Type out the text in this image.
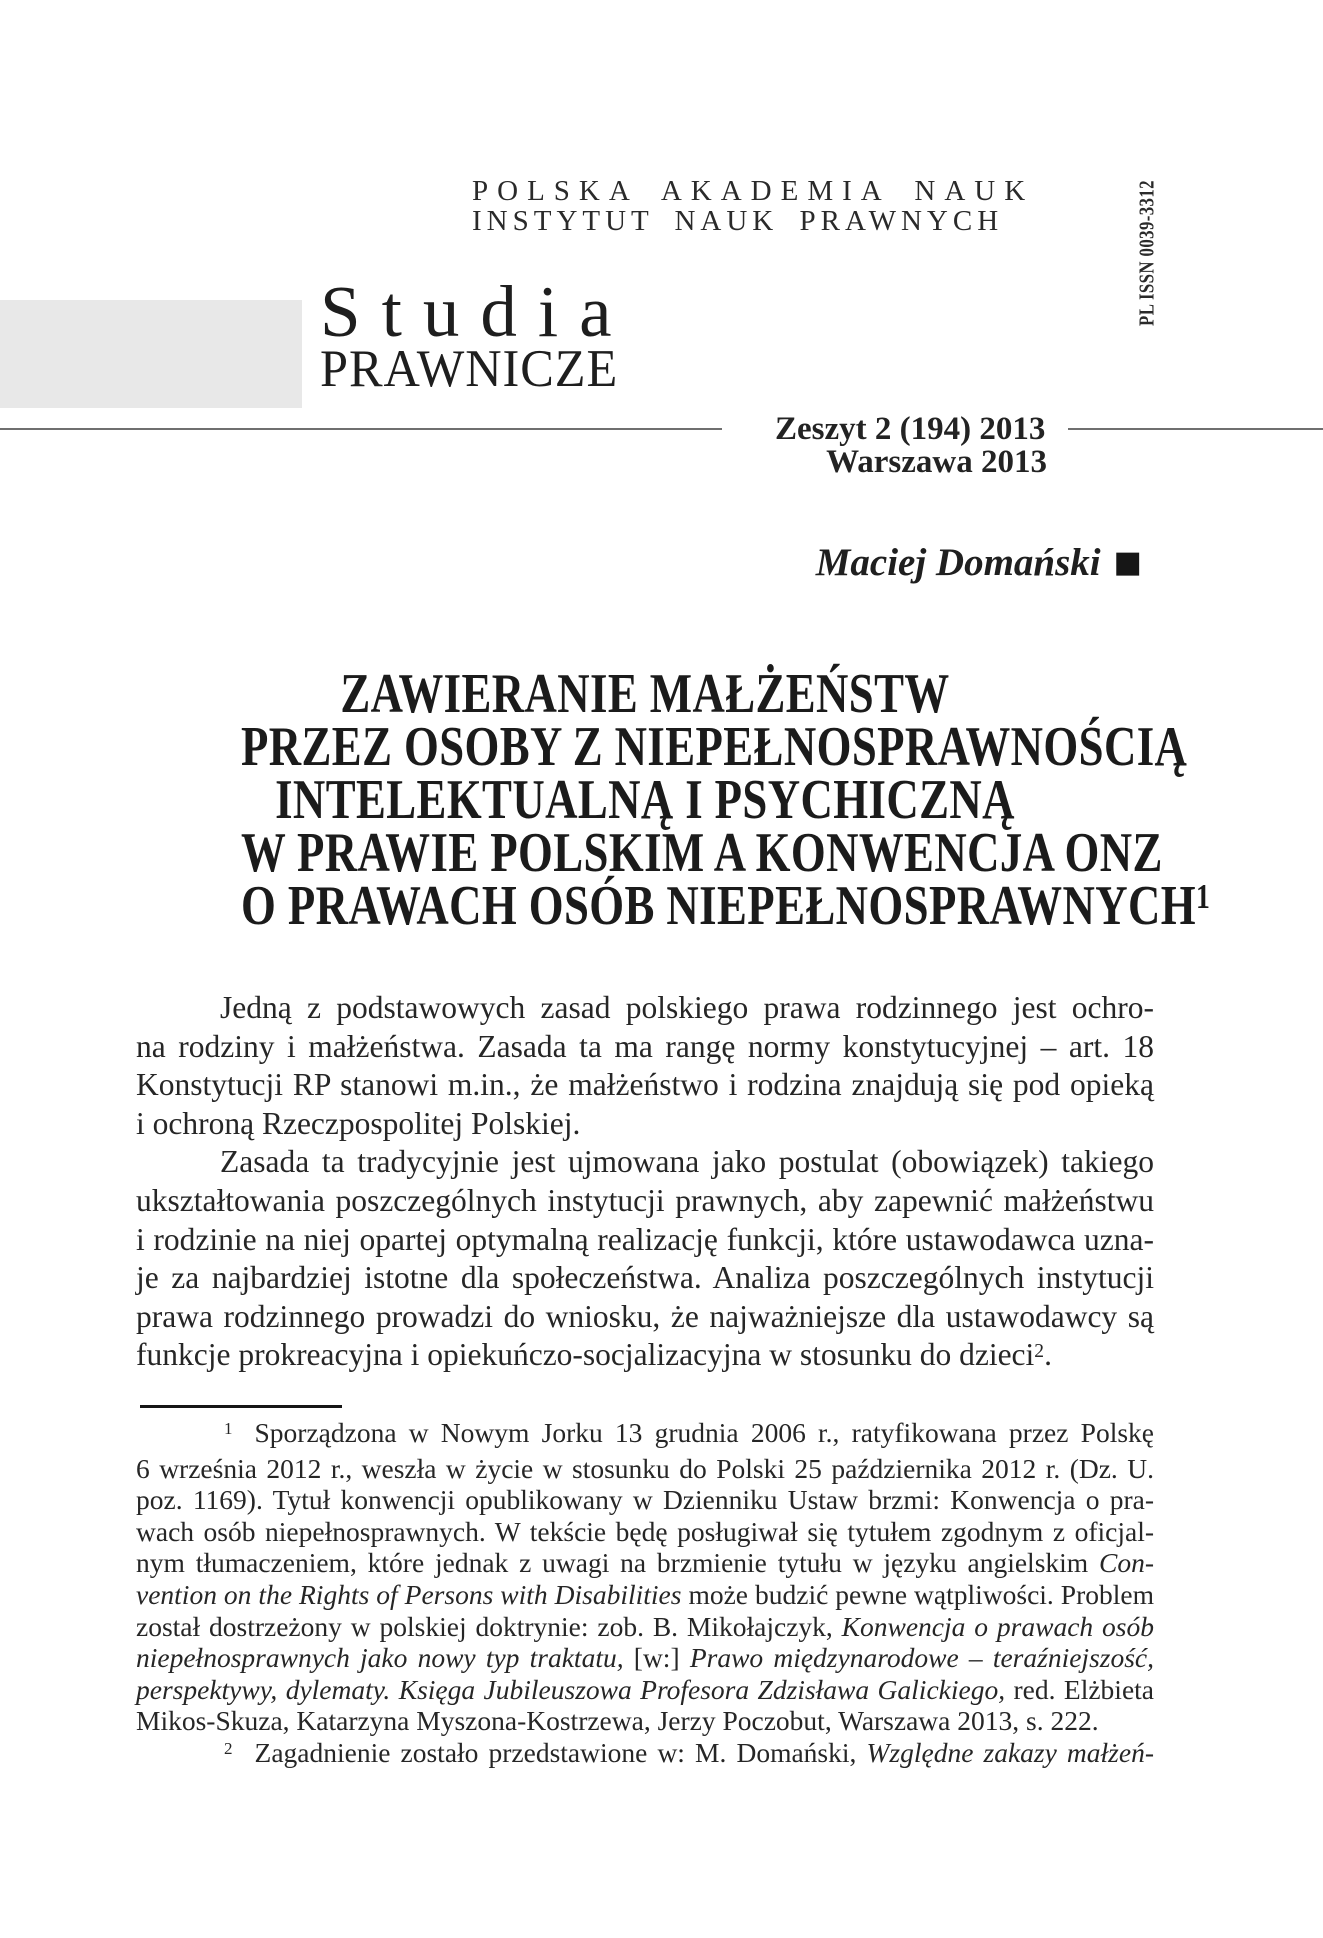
POLSKA AKADEMIA NAUK
INSTYTUT NAUK PRAWNYCH	PL ISSN 0039-3312
Studia
PRAWNICZE
Zeszyt 2 (194) 2013
Warszawa 2013
Maciej Domański ■
ZAWIERANIE MAŁŻEŃSTW
PRZEZ OSOBY Z NIEPEŁNOSPRAWNOŚCIĄ
INTELEKTUALNĄ I PSYCHICZNĄ
W PRAWIE POLSKIM A KONWENCJA ONZ
O PRAWACH OSÓB NIEPEŁNOSPRAWNYCH$^1$
Jedną z podstawowych zasad polskiego prawa rodzinnego jest ochro-
na rodziny i małżeństwa. Zasada ta ma rangę normy konstytucyjnej – art. 18
Konstytucji RP stanowi m.in., że małżeństwo i rodzina znajdują się pod opieką
i ochroną Rzeczpospolitej Polskiej.
Zasada ta tradycyjnie jest ujmowana jako postulat (obowiązek) takiego
ukształtowania poszczególnych instytucji prawnych, aby zapewnić małżeństwu
i rodzinie na niej opartej optymalną realizację funkcji, które ustawodawca uzna-
je za najbardziej istotne dla społeczeństwa. Analiza poszczególnych instytucji
prawa rodzinnego prowadzi do wniosku, że najważniejsze dla ustawodawcy są
funkcje prokreacyjna i opiekuńczo-socjalizacyjna w stosunku do dzieci$^2$.
$^1$ Sporządzona w Nowym Jorku 13 grudnia 2006 r., ratyfikowana przez Polskę
6 września 2012 r., weszła w życie w stosunku do Polski 25 października 2012 r. (Dz. U.
poz. 1169). Tytuł konwencji opublikowany w Dzienniku Ustaw brzmi: Konwencja o pra-
wach osób niepełnosprawnych. W tekście będę posługiwał się tytułem zgodnym z oficjal-
nym tłumaczeniem, które jednak z uwagi na brzmienie tytułu w języku angielskim Con-
vention on the Rights of Persons with Disabilities może budzić pewne wątpliwości. Problem
został dostrzeżony w polskiej doktrynie: zob. B. Mikołajczyk, Konwencja o prawach osób
niepełnosprawnych jako nowy typ traktatu, [w:] Prawo międzynarodowe – teraźniejszość,
perspektywy, dylematy. Księga Jubileuszowa Profesora Zdzisława Galickiego, red. Elżbieta
Mikos-Skuza, Katarzyna Myszona-Kostrzewa, Jerzy Poczobut, Warszawa 2013, s. 222.
$^2$ Zagadnienie zostało przedstawione w: M. Domański, Względne zakazy małżeń-
